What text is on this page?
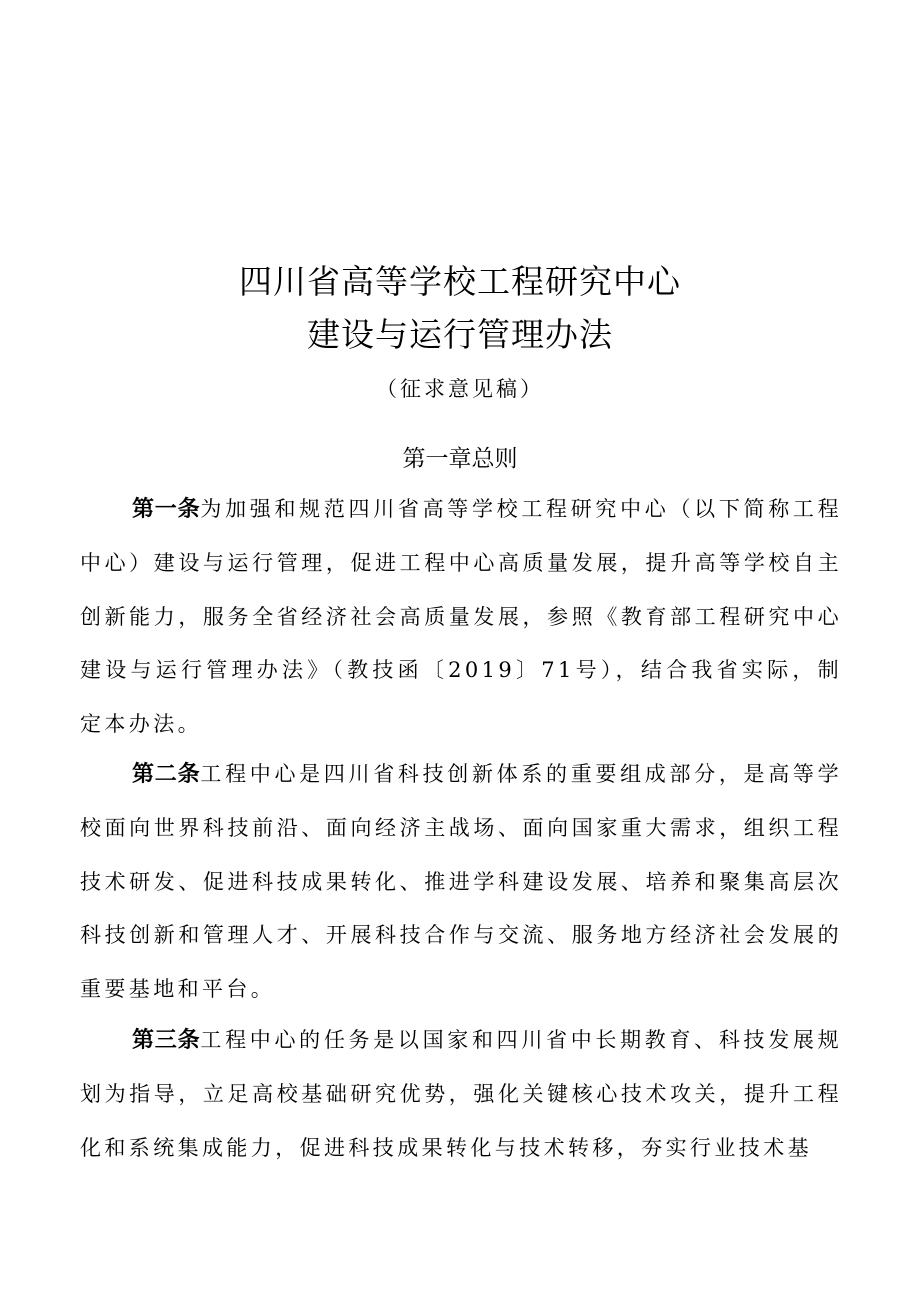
四川省高等学校工程研究中心
建设与运行管理办法
（征求意见稿）
第一章总则

第一条为加强和规范四川省高等学校工程研究中心（以下简称工程中心）建设与运行管理，促进工程中心高质量发展，提升高等学校自主创新能力，服务全省经济社会高质量发展，参照《教育部工程研究中心建设与运行管理办法》（教技函〔2019〕71号），结合我省实际，制定本办法。

第二条工程中心是四川省科技创新体系的重要组成部分，是高等学校面向世界科技前沿、面向经济主战场、面向国家重大需求，组织工程技术研发、促进科技成果转化、推进学科建设发展、培养和聚集高层次科技创新和管理人才、开展科技合作与交流、服务地方经济社会发展的重要基地和平台。

第三条工程中心的任务是以国家和四川省中长期教育、科技发展规划为指导，立足高校基础研究优势，强化关键核心技术攻关，提升工程化和系统集成能力，促进科技成果转化与技术转移，夯实行业技术基
